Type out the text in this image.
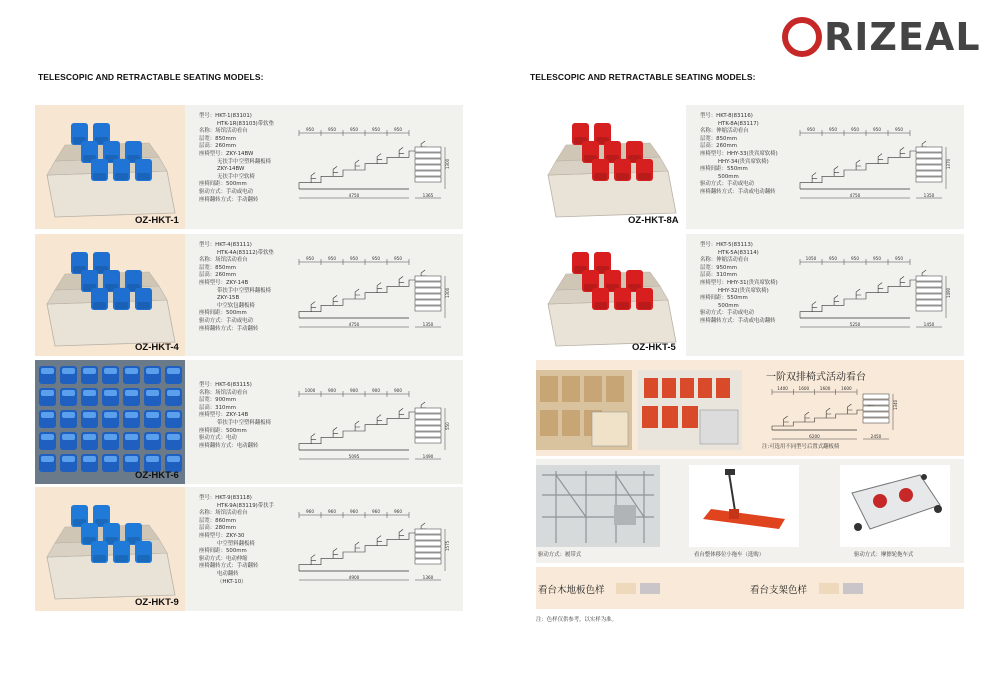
RIZEAL
TELESCOPIC AND RETRACTABLE SEATING MODELS:	TELESCOPIC AND RETRACTABLE SEATING MODELS:
OZ-HKT-1
型号：HKT-1(83101)
HTK-1R(83103)带软垫
名称：场馆活动看台
层宽：850mm
层高：260mm
座椅型号：ZKY-14BW
无扶手中空塑料翻板椅
ZKY-14BW
无扶手中空软椅
座椅间距：500mm
驱动方式：手动或电动
座椅翻转方式：手动翻转
950	950	950	950	950
4750	1365
1300
OZ-HKT-4
型号：HKT-4(83111)
HTK-4A(83112)带软垫
名称：场馆活动看台
层宽：850mm
层高：260mm
座椅型号：ZKY-14B
带扶手中空塑料翻板椅
ZKY-15B
中空软包翻板椅
座椅间距：500mm
驱动方式：手动或电动
座椅翻转方式：手动翻转
950	950	950	950	950
4750	1350
1300
OZ-HKT-6
型号：HKT-6(83115)
名称：场馆活动看台
层宽：900mm
层高：310mm
座椅型号：ZKY-14B
带扶手中空塑料翻板椅
座椅间距：500mm
驱动方式：电动
座椅翻转方式：电动翻转
1000	900	900	900	900
5095	1490
550
OZ-HKT-9
型号：HKT-9(83118)
HTK-9A(83119)带扶手
名称：场馆活动看台
层宽：860mm
层高：280mm
座椅型号：ZKY-30
中空塑料翻板椅
座椅间距：500mm
驱动方式：电动伸缩
座椅翻转方式：手动翻转
电动翻转
（HKT-10）
960	960	960	960	960
4900	1360
1575
OZ-HKT-8A
型号：HKT-8(83116)
HTK-8A(83117)
名称：伸缩活动看台
层宽：850mm
层高：260mm
座椅型号：HHY-33(贵宾席软椅)
HHY-34(贵宾席软椅)
座椅间距：550mm
500mm
驱动方式：手动或电动
座椅翻转方式：手动或电动翻转
950	950	950	950	950
4750	1350
1370
OZ-HKT-5
型号：HKT-5(83113)
HTK-5A(83114)
名称：伸缩活动看台
层宽：950mm
层高：310mm
座椅型号：HHY-31(贵宾席软椅)
HHY-32(贵宾席软椅)
座椅间距：550mm
500mm
驱动方式：手动或电动
座椅翻转方式：手动或电动翻转
1050	950	950	950	950
5250	1450
1490
一阶双排椅式活动看台
1400	1600	1600	1600
6200	2450
1340
注:可选用不同型号后置式翻板椅
驱动方式：履带式	看台整体移位小拖车（选购）	驱动方式：摩擦轮拖车式
看台木地板色样	看台支架色样
注：色样仅供参考，以实样为准。
